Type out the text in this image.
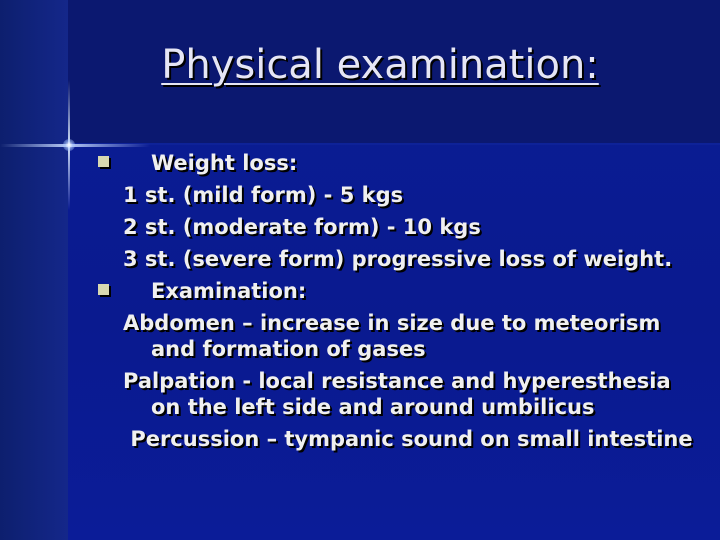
Physical examination:
Weight loss:
1 st. (mild form) - 5 kgs
2 st. (moderate form) - 10 kgs
3 st. (severe form) progressive loss of weight.
Examination:
Abdomen – increase in size due to meteorism and formation of gases
Palpation - local resistance and hyperesthesia on the left side and around umbilicus
Percussion – tympanic sound on small intestine
